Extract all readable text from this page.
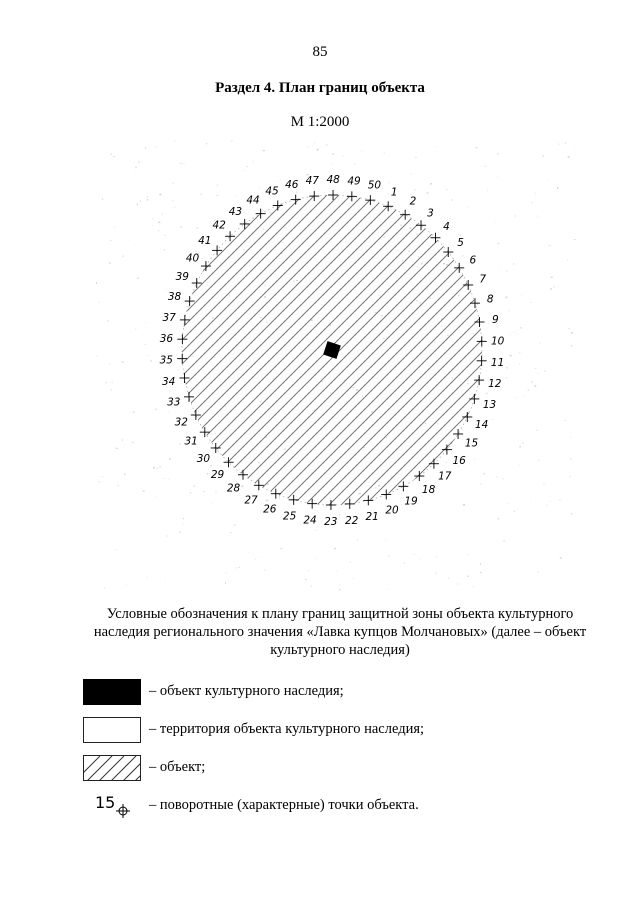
85
Раздел 4. План границ объекта
М 1:2000
1
2
3
4
5
6
7
8
9
10
11
12
13
14
15
16
17
18
19
20
21
22
23
24
25
26
27
28
29
30
31
32
33
34
35
36
37
38
39
40
41
42
43
44
45
46 47 48 49 50
Условные обозначения к плану границ защитной зоны объекта культурного
наследия регионального значения «Лавка купцов Молчановых» (далее – объект
культурного наследия)
– объект культурного наследия;
– территория объекта культурного наследия;
– объект;
15 – поворотные (характерные) точки объекта.
